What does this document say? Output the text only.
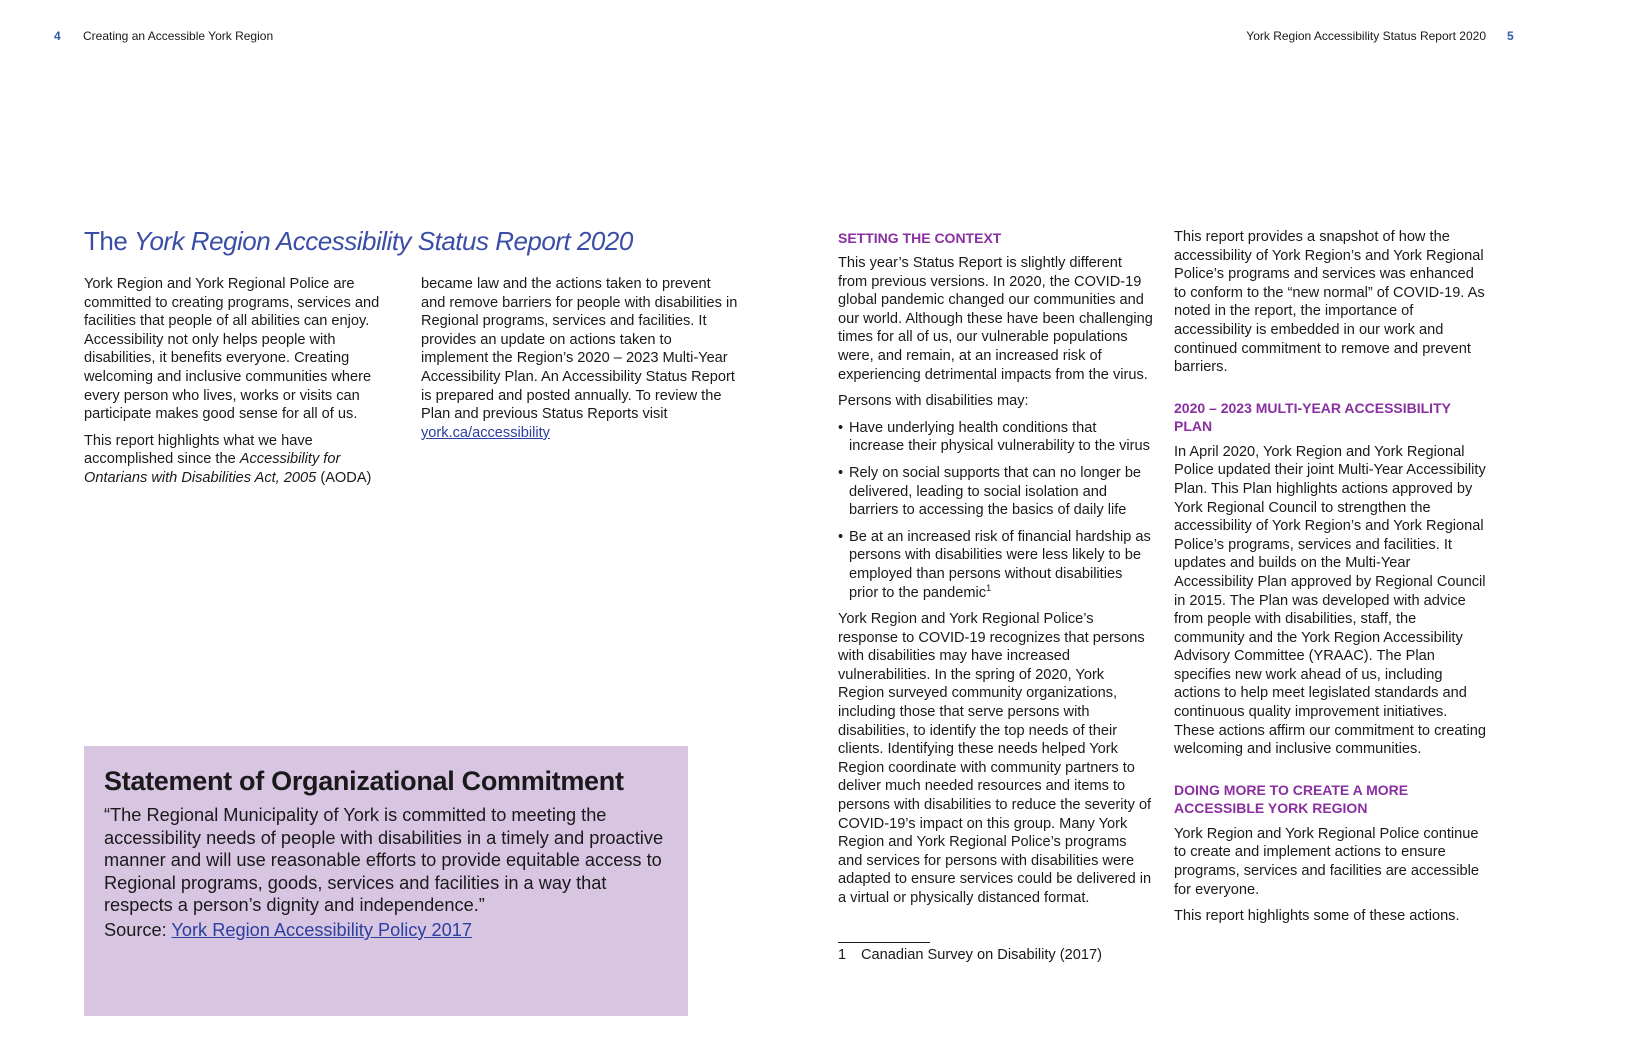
4 Creating an Accessible York Region	York Region Accessibility Status Report 2020 5
The York Region Accessibility Status Report 2020

York Region and York Regional Police are committed to creating programs, services and facilities that people of all abilities can enjoy. Accessibility not only helps people with disabilities, it benefits everyone. Creating welcoming and inclusive communities where every person who lives, works or visits can participate makes good sense for all of us.

This report highlights what we have accomplished since the Accessibility for Ontarians with Disabilities Act, 2005 (AODA)

became law and the actions taken to prevent and remove barriers for people with disabilities in Regional programs, services and facilities. It provides an update on actions taken to implement the Region’s 2020 – 2023 Multi-Year Accessibility Plan. An Accessibility Status Report is prepared and posted annually. To review the Plan and previous Status Reports visit york.ca/accessibility

Statement of Organizational Commitment
“The Regional Municipality of York is committed to meeting the accessibility needs of people with disabilities in a timely and proactive manner and will use reasonable efforts to provide equitable access to Regional programs, goods, services and facilities in a way that respects a person’s dignity and independence.”
Source: York Region Accessibility Policy 2017
SETTING THE CONTEXT

This year’s Status Report is slightly different from previous versions. In 2020, the COVID-19 global pandemic changed our communities and our world. Although these have been challenging times for all of us, our vulnerable populations were, and remain, at an increased risk of experiencing detrimental impacts from the virus.

Persons with disabilities may:

• Have underlying health conditions that increase their physical vulnerability to the virus
• Rely on social supports that can no longer be delivered, leading to social isolation and barriers to accessing the basics of daily life
• Be at an increased risk of financial hardship as persons with disabilities were less likely to be employed than persons without disabilities prior to the pandemic$^1$

York Region and York Regional Police’s response to COVID-19 recognizes that persons with disabilities may have increased vulnerabilities. In the spring of 2020, York Region surveyed community organizations, including those that serve persons with disabilities, to identify the top needs of their clients. Identifying these needs helped York Region coordinate with community partners to deliver much needed resources and items to persons with disabilities to reduce the severity of COVID-19’s impact on this group. Many York Region and York Regional Police’s programs and services for persons with disabilities were adapted to ensure services could be delivered in a virtual or physically distanced format.

1 Canadian Survey on Disability (2017)

This report provides a snapshot of how the accessibility of York Region’s and York Regional Police’s programs and services was enhanced to conform to the “new normal” of COVID-19. As noted in the report, the importance of accessibility is embedded in our work and continued commitment to remove and prevent barriers.

2020 – 2023 MULTI-YEAR ACCESSIBILITY PLAN

In April 2020, York Region and York Regional Police updated their joint Multi-Year Accessibility Plan. This Plan highlights actions approved by York Regional Council to strengthen the accessibility of York Region’s and York Regional Police’s programs, services and facilities. It updates and builds on the Multi-Year Accessibility Plan approved by Regional Council in 2015. The Plan was developed with advice from people with disabilities, staff, the community and the York Region Accessibility Advisory Committee (YRAAC). The Plan specifies new work ahead of us, including actions to help meet legislated standards and continuous quality improvement initiatives. These actions affirm our commitment to creating welcoming and inclusive communities.

DOING MORE TO CREATE A MORE ACCESSIBLE YORK REGION

York Region and York Regional Police continue to create and implement actions to ensure programs, services and facilities are accessible for everyone.

This report highlights some of these actions.
